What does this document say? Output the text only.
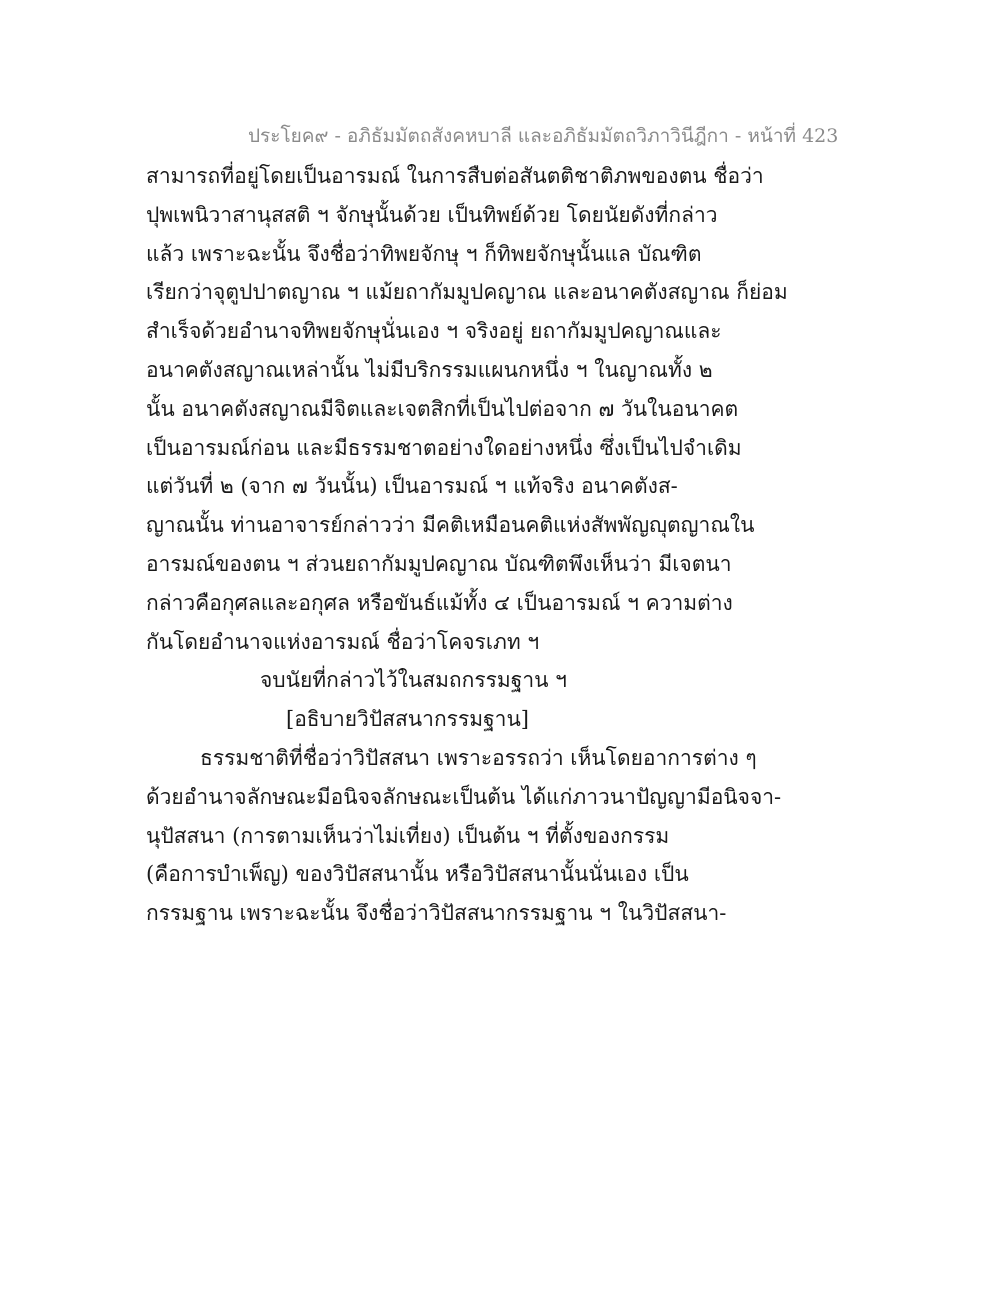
ประโยค๙ - อภิธัมมัตถสังคหบาลี และอภิธัมมัตถวิภาวินีฎีกา - หน้าที่ 423
สามารถที่อยู่โดยเป็นอารมณ์ ในการสืบต่อสันตติชาติภพของตน ชื่อว่า
ปุพเพนิวาสานุสสติ ฯ จักษุนั้นด้วย เป็นทิพย์ด้วย โดยนัยดังที่กล่าว
แล้ว เพราะฉะนั้น จึงชื่อว่าทิพยจักษุ ฯ ก็ทิพยจักษุนั้นแล บัณฑิต
เรียกว่าจุตูปปาตญาณ ฯ แม้ยถากัมมูปคญาณ และอนาคตังสญาณ ก็ย่อม
สำเร็จด้วยอำนาจทิพยจักษุนั่นเอง ฯ จริงอยู่ ยถากัมมูปคญาณและ
อนาคตังสญาณเหล่านั้น ไม่มีบริกรรมแผนกหนึ่ง ฯ ในญาณทั้ง ๒
นั้น อนาคตังสญาณมีจิตและเจตสิกที่เป็นไปต่อจาก ๗ วันในอนาคต
เป็นอารมณ์ก่อน และมีธรรมชาตอย่างใดอย่างหนึ่ง ซึ่งเป็นไปจำเดิม
แต่วันที่ ๒ (จาก ๗ วันนั้น) เป็นอารมณ์ ฯ แท้จริง อนาคตังส-
ญาณนั้น ท่านอาจารย์กล่าวว่า มีคติเหมือนคติแห่งสัพพัญญุตญาณใน
อารมณ์ของตน ฯ ส่วนยถากัมมูปคญาณ บัณฑิตพึงเห็นว่า มีเจตนา
กล่าวคือกุศลและอกุศล หรือขันธ์แม้ทั้ง ๔ เป็นอารมณ์ ฯ ความต่าง
กันโดยอำนาจแห่งอารมณ์ ชื่อว่าโคจรเภท ฯ
จบนัยที่กล่าวไว้ในสมถกรรมฐาน ฯ
[อธิบายวิปัสสนากรรมฐาน]
ธรรมชาติที่ชื่อว่าวิปัสสนา เพราะอรรถว่า เห็นโดยอาการต่าง ๆ
ด้วยอำนาจลักษณะมีอนิจจลักษณะเป็นต้น ได้แก่ภาวนาปัญญามีอนิจจา-
นุปัสสนา (การตามเห็นว่าไม่เที่ยง) เป็นต้น ฯ ที่ตั้งของกรรม
(คือการบำเพ็ญ) ของวิปัสสนานั้น หรือวิปัสสนานั้นนั่นเอง เป็น
กรรมฐาน เพราะฉะนั้น จึงชื่อว่าวิปัสสนากรรมฐาน ฯ ในวิปัสสนา-
